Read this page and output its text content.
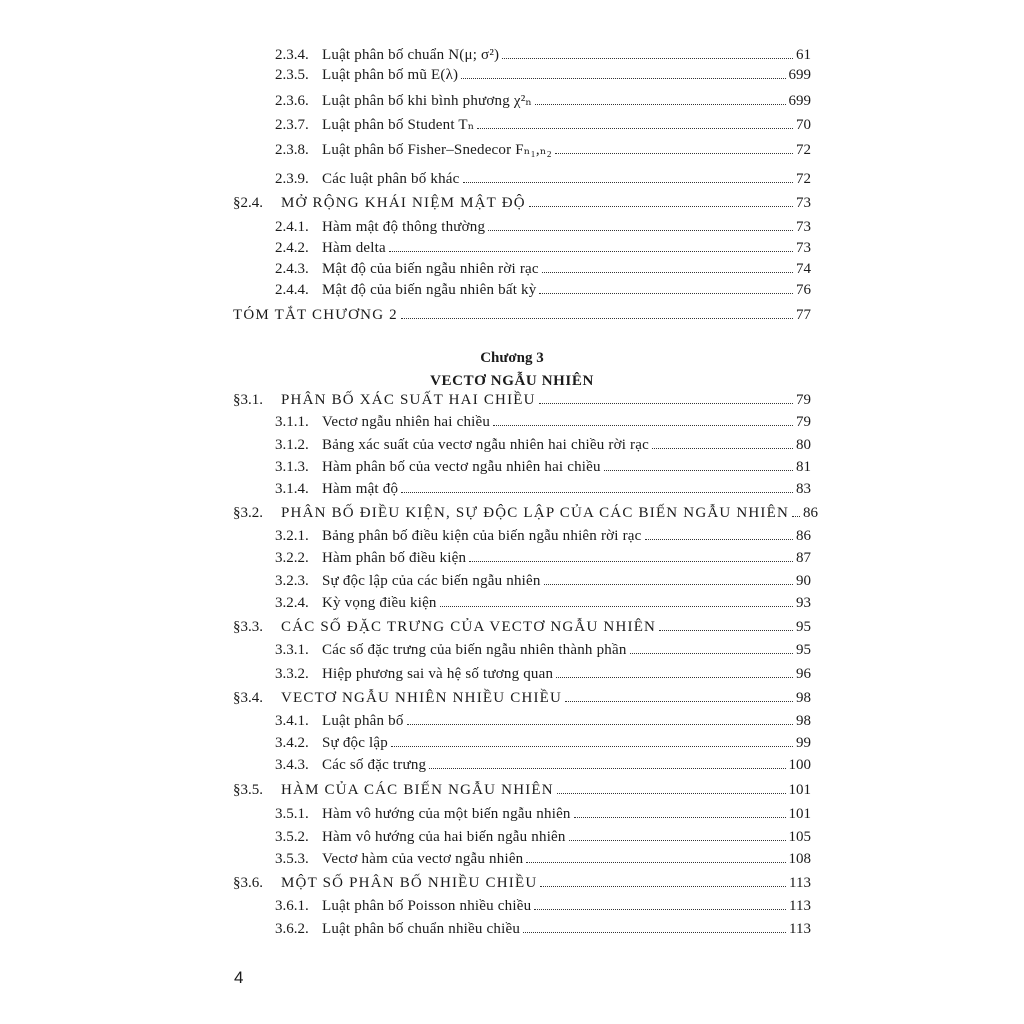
2.3.4. Luật phân bố chuẩn N(μ; σ²)	61
2.3.5. Luật phân bố mũ E(λ)	699
2.3.6. Luật phân bố khi bình phương χ²ₙ	699
2.3.7. Luật phân bố Student Tₙ	70
2.3.8. Luật phân bố Fisher–Snedecor Fₙ₁,ₙ₂	72
2.3.9. Các luật phân bố khác	72
§2.4.	MỞ RỘNG KHÁI NIỆM MẬT ĐỘ	73
2.4.1. Hàm mật độ thông thường	73
2.4.2. Hàm delta	73
2.4.3. Mật độ của biến ngẫu nhiên rời rạc	74
2.4.4. Mật độ của biến ngẫu nhiên bất kỳ	76
TÓM TẮT CHƯƠNG 2	77
§3.1.	PHÂN BỐ XÁC SUẤT HAI CHIỀU	79
3.1.1. Vectơ ngẫu nhiên hai chiều	79
3.1.2. Bảng xác suất của vectơ ngẫu nhiên hai chiều rời rạc	80
3.1.3. Hàm phân bố của vectơ ngẫu nhiên hai chiều	81
3.1.4. Hàm mật độ	83
§3.2.	PHÂN BỐ ĐIỀU KIỆN, SỰ ĐỘC LẬP CỦA CÁC BIẾN NGẪU NHIÊN 86
3.2.1. Bảng phân bố điều kiện của biến ngẫu nhiên rời rạc	86
3.2.2. Hàm phân bố điều kiện	87
3.2.3. Sự độc lập của các biến ngẫu nhiên	90
3.2.4. Kỳ vọng điều kiện	93
§3.3.	CÁC SỐ ĐẶC TRƯNG CỦA VECTƠ NGẪU NHIÊN	95
3.3.1. Các số đặc trưng của biến ngẫu nhiên thành phần	95
3.3.2. Hiệp phương sai và hệ số tương quan	96
§3.4.	VECTƠ NGẪU NHIÊN NHIỀU CHIỀU	98
3.4.1. Luật phân bố	98
3.4.2. Sự độc lập	99
3.4.3. Các số đặc trưng	100
§3.5.	HÀM CỦA CÁC BIẾN NGẪU NHIÊN	101
3.5.1. Hàm vô hướng của một biến ngẫu nhiên	101
3.5.2. Hàm vô hướng của hai biến ngẫu nhiên	105
3.5.3. Vectơ hàm của vectơ ngẫu nhiên	108
§3.6.	MỘT SỐ PHÂN BỐ NHIỀU CHIỀU	113
3.6.1. Luật phân bố Poisson nhiều chiều	113
3.6.2. Luật phân bố chuẩn nhiều chiều	113
Chương 3
VECTƠ NGẪU NHIÊN
4
